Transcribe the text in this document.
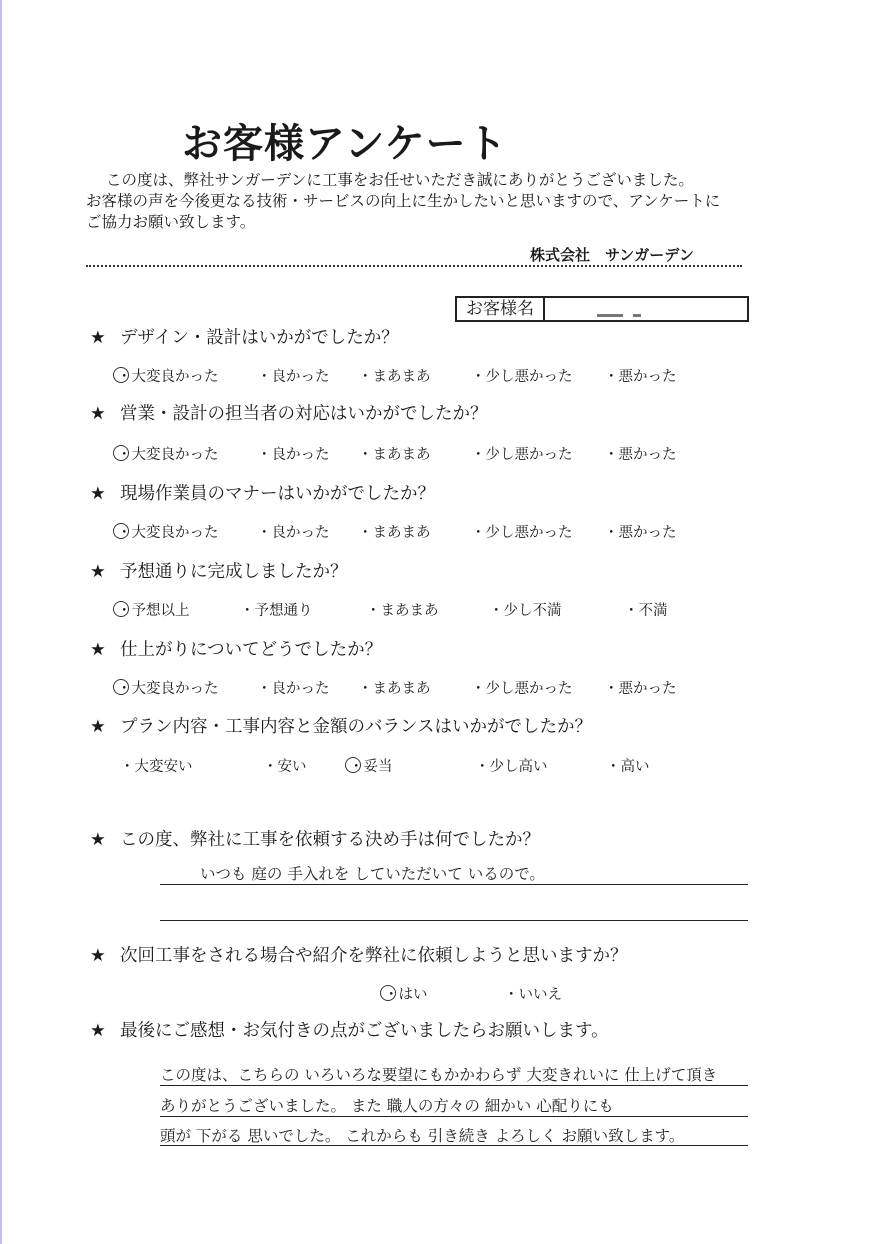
お客様アンケート
この度は、弊社サンガーデンに工事をお任せいただき誠にありがとうございました。
お客様の声を今後更なる技術・サービスの向上に生かしたいと思いますので、アンケートに
ご協力お願い致します。
株式会社　サンガーデン
お客様名
★ デザイン・設計はいかがでしたか？
・大変良かった	・良かった ・まあまあ	・少し悪かった ・悪かった
★ 営業・設計の担当者の対応はいかがでしたか？
・大変良かった	・良かった ・まあまあ	・少し悪かった ・悪かった
★ 現場作業員のマナーはいかがでしたか？
・大変良かった	・良かった ・まあまあ	・少し悪かった ・悪かった
★ 予想通りに完成しましたか？
・予想以上	・予想通り	・まあまあ	・少し不満	・不満
★ 仕上がりについてどうでしたか？
・大変良かった	・良かった ・まあまあ	・少し悪かった ・悪かった
★ プラン内容・工事内容と金額のバランスはいかがでしたか？
・大変安い	・安い	・妥当	・少し高い	・高い
★ この度、弊社に工事を依頼する決め手は何でしたか？
いつも 庭の 手入れを していただいて いるので。
★ 次回工事をされる場合や紹介を弊社に依頼しようと思いますか？
・はい	・いいえ
★ 最後にご感想・お気付きの点がございましたらお願いします。
この度は、こちらの いろいろな要望にもかかわらず 大変きれいに 仕上げて頂き
ありがとうございました。 また 職人の方々の 細かい 心配りにも
頭が 下がる 思いでした。 これからも 引き続き よろしく お願い致します。
